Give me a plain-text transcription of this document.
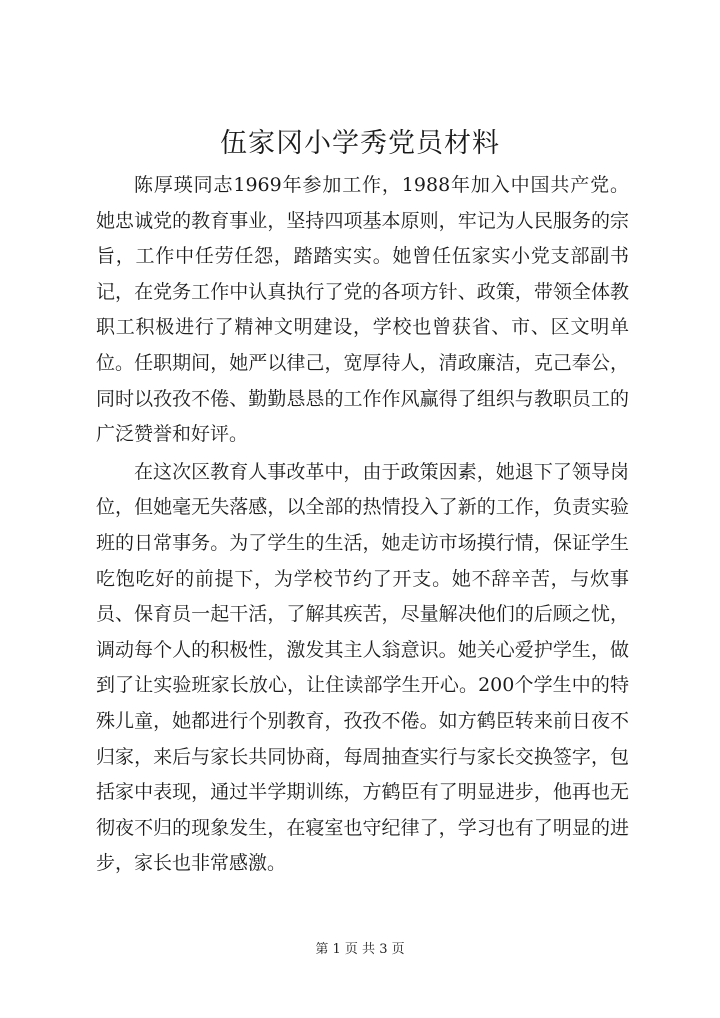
伍家冈小学秀党员材料

陈厚瑛同志1969年参加工作，1988年加入中国共产党。她忠诚党的教育事业，坚持四项基本原则，牢记为人民服务的宗旨，工作中任劳任怨，踏踏实实。她曾任伍家实小党支部副书记，在党务工作中认真执行了党的各项方针、政策，带领全体教职工积极进行了精神文明建设，学校也曾获省、市、区文明单位。任职期间，她严以律己，宽厚待人，清政廉洁，克己奉公，同时以孜孜不倦、勤勤恳恳的工作作风赢得了组织与教职员工的广泛赞誉和好评。

在这次区教育人事改革中，由于政策因素，她退下了领导岗位，但她毫无失落感，以全部的热情投入了新的工作，负责实验班的日常事务。为了学生的生活，她走访市场摸行情，保证学生吃饱吃好的前提下，为学校节约了开支。她不辞辛苦，与炊事员、保育员一起干活，了解其疾苦，尽量解决他们的后顾之忧，调动每个人的积极性，激发其主人翁意识。她关心爱护学生，做到了让实验班家长放心，让住读部学生开心。200个学生中的特殊儿童，她都进行个别教育，孜孜不倦。如方鹤臣转来前日夜不归家，来后与家长共同协商，每周抽查实行与家长交换签字，包括家中表现，通过半学期训练，方鹤臣有了明显进步，他再也无彻夜不归的现象发生，在寝室也守纪律了，学习也有了明显的进步，家长也非常感激。

第 1 页 共 3 页
